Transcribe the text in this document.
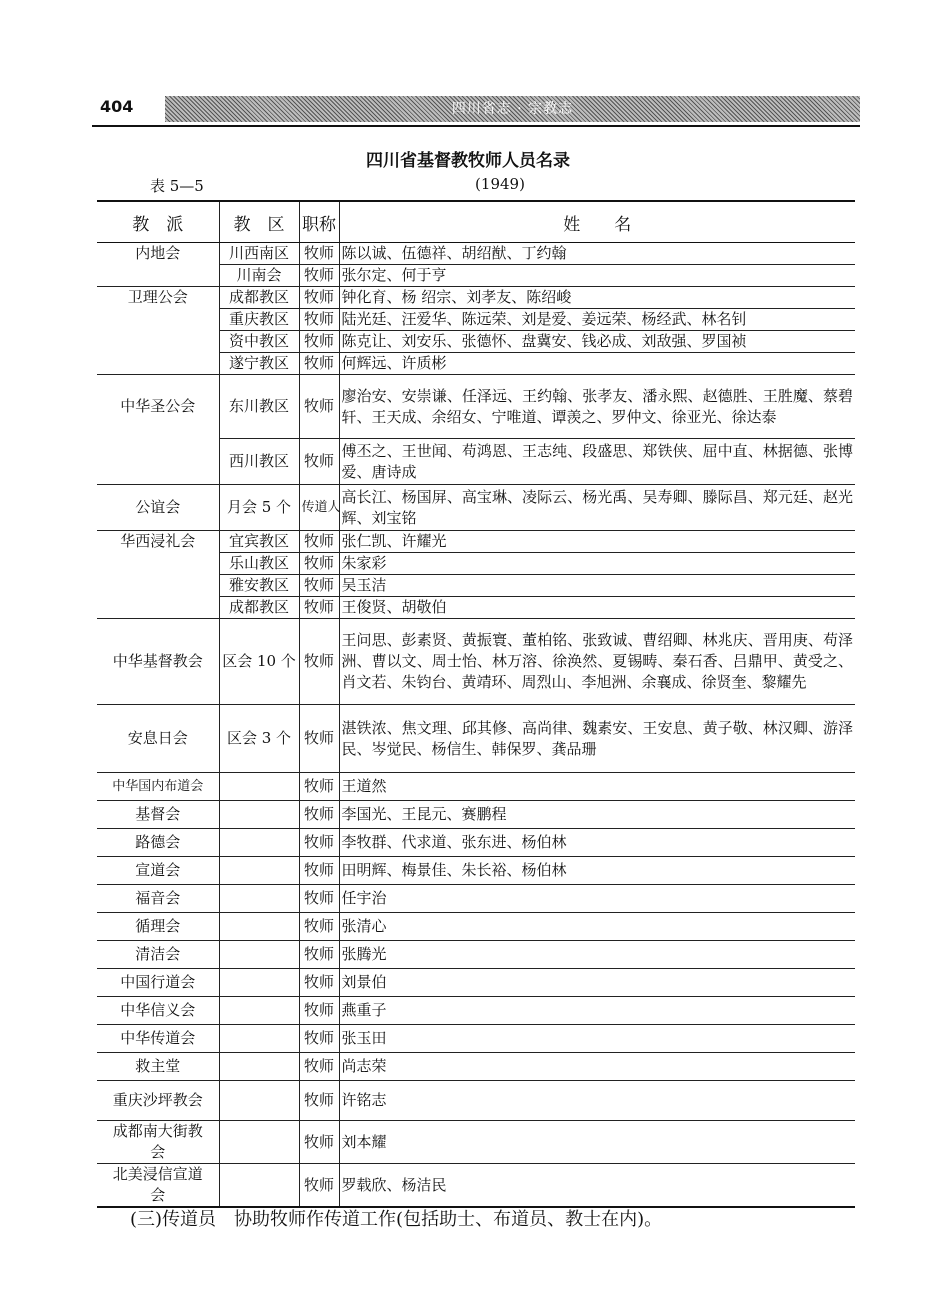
404	四川省志 · 宗教志
四川省基督教牧师人员名录
表 5—5	(1949)
教　派	教　区	职称	姓　　名
内地会	川西南区	牧师	陈以诚、伍德祥、胡绍猷、丁约翰
	川南会	牧师	张尔定、何于亨
卫理公会	成都教区	牧师	钟化育、杨 绍宗、刘孝友、陈绍峻
	重庆教区	牧师	陆光廷、汪爱华、陈远荣、刘是爱、姜远荣、杨经武、林名钊
	资中教区	牧师	陈克让、刘安乐、张德怀、盘冀安、钱必成、刘敌强、罗国祯
	遂宁教区	牧师	何辉远、许质彬
中华圣公会	东川教区	牧师	廖治安、安崇谦、任泽远、王约翰、张孝友、潘永熙、赵德胜、王胜魔、蔡碧轩、王天成、余绍女、宁唯道、谭羡之、罗仲文、徐亚光、徐达泰
	西川教区	牧师	傅丕之、王世闻、苟鸿恩、王志纯、段盛思、郑铁侠、屈中直、林据德、张博爱、唐诗成
公谊会	月会 5 个	传道人	高长江、杨国屏、高宝琳、凌际云、杨光禹、吴寿卿、滕际昌、郑元廷、赵光辉、刘宝铭
华西浸礼会	宜宾教区	牧师	张仁凯、许耀光
	乐山教区	牧师	朱家彩
	雅安教区	牧师	吴玉洁
	成都教区	牧师	王俊贤、胡敬伯
中华基督教会	区会 10 个	牧师	王问思、彭素贤、黄振寰、董柏铭、张致诚、曹绍卿、林兆庆、晋用庚、苟泽洲、曹以文、周士怡、林万溶、徐涣然、夏锡畴、秦石香、吕鼎甲、黄受之、肖文若、朱钧台、黄靖环、周烈山、李旭洲、余襄成、徐贤奎、黎耀先
安息日会	区会 3 个	牧师	湛铁浓、焦文理、邱其修、高尚律、魏素安、王安息、黄子敬、林汉卿、游泽民、岑觉民、杨信生、韩保罗、龚品珊
中华国内布道会		牧师	王道然
基督会		牧师	李国光、王昆元、赛鹏程
路德会		牧师	李牧群、代求道、张东进、杨伯林
宣道会		牧师	田明辉、梅景佳、朱长裕、杨伯林
福音会		牧师	任宇治
循理会		牧师	张清心
清洁会		牧师	张腾光
中国行道会		牧师	刘景伯
中华信义会		牧师	燕重子
中华传道会		牧师	张玉田
救主堂		牧师	尚志荣
重庆沙坪教会		牧师	许铭志
成都南大街教会		牧师	刘本耀
北美浸信宣道会		牧师	罗载欣、杨洁民
(三)传道员 协助牧师作传道工作(包括助士、布道员、教士在内)。
